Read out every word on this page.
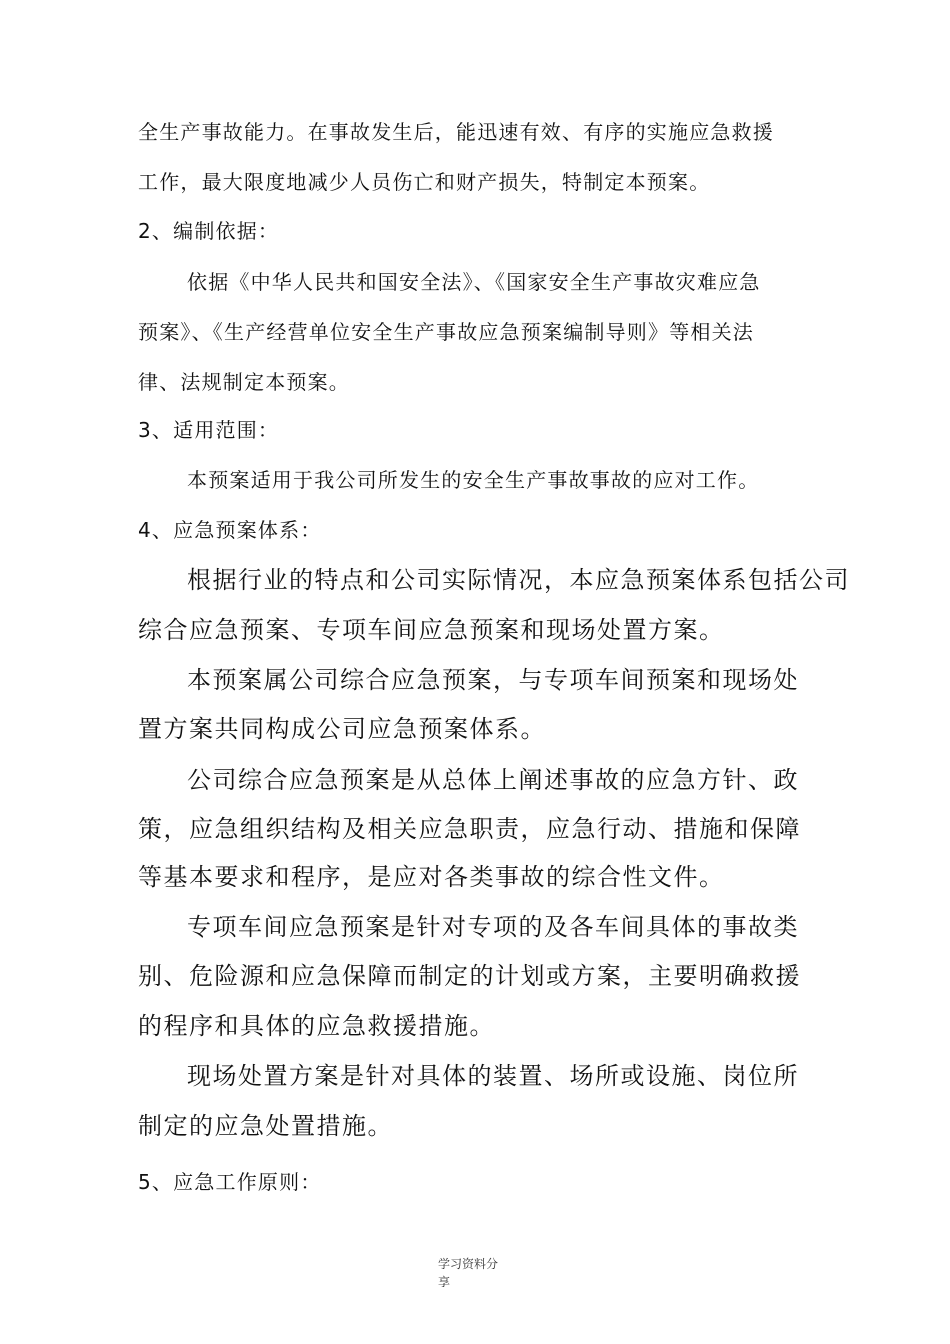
全生产事故能力。在事故发生后，能迅速有效、有序的实施应急救援
工作，最大限度地减少人员伤亡和财产损失，特制定本预案。
2、编制依据：
依据《中华人民共和国安全法》、《国家安全生产事故灾难应急
预案》、《生产经营单位安全生产事故应急预案编制导则》等相关法
律、法规制定本预案。
3、适用范围：
本预案适用于我公司所发生的安全生产事故事故的应对工作。
4、应急预案体系：
根据行业的特点和公司实际情况，本应急预案体系包括公司
综合应急预案、专项车间应急预案和现场处置方案。
本预案属公司综合应急预案，与专项车间预案和现场处
置方案共同构成公司应急预案体系。
公司综合应急预案是从总体上阐述事故的应急方针、政
策，应急组织结构及相关应急职责，应急行动、措施和保障
等基本要求和程序，是应对各类事故的综合性文件。
专项车间应急预案是针对专项的及各车间具体的事故类
别、危险源和应急保障而制定的计划或方案，主要明确救援
的程序和具体的应急救援措施。
现场处置方案是针对具体的装置、场所或设施、岗位所
制定的应急处置措施。
5、应急工作原则：
学习资料分
享
